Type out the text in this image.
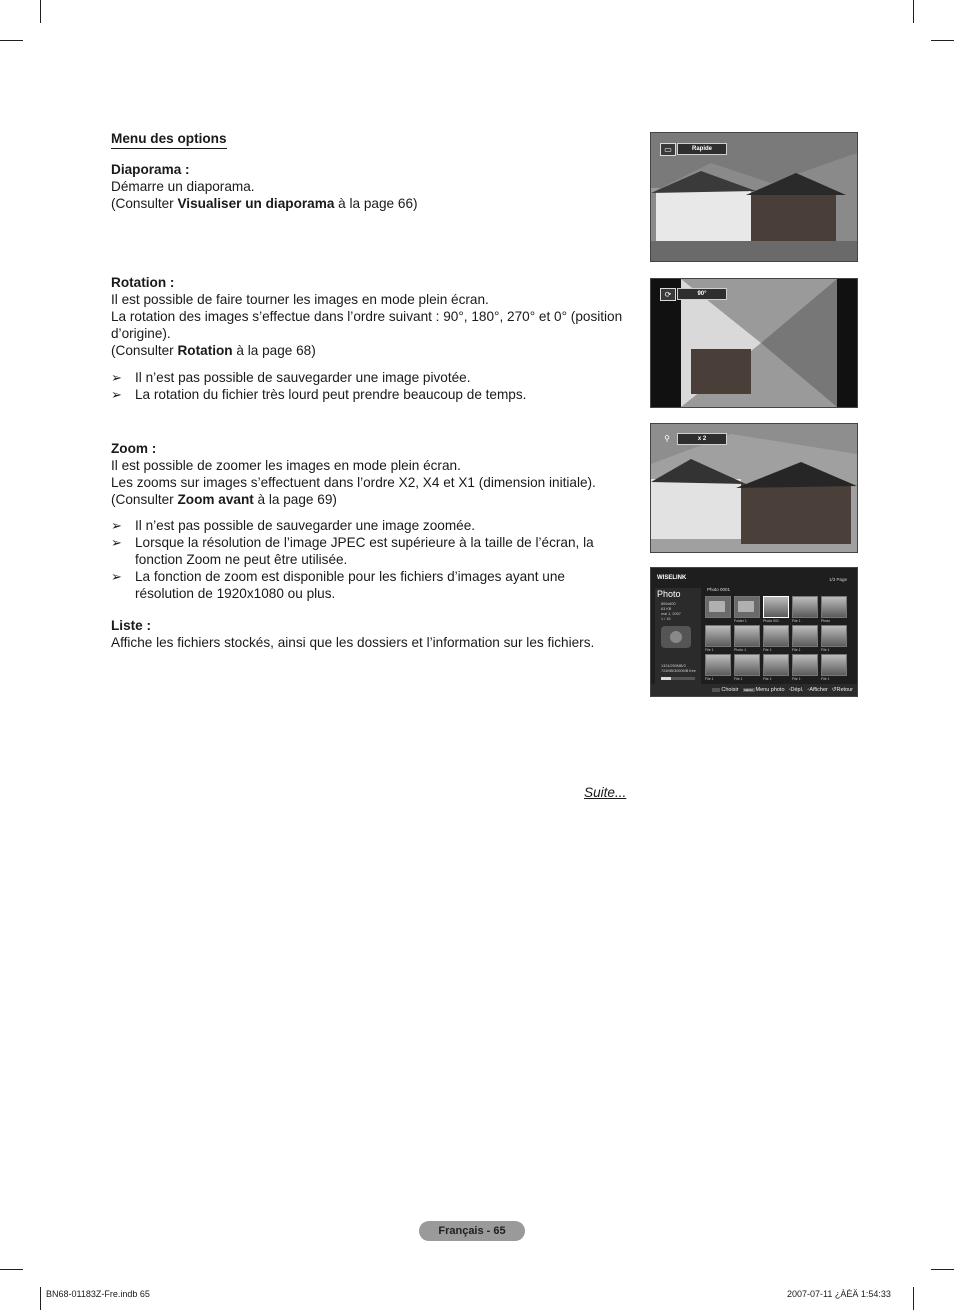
Menu des options

Diaporama :

Démarre un diaporama.

(Consulter Visualiser un diaporama à la page 66)

Rotation :

Il est possible de faire tourner les images en mode plein écran.

La rotation des images s’effectue dans l’ordre suivant : 90°, 180°, 270° et 0° (position d’origine).

(Consulter Rotation à la page 68)

➢ Il n’est pas possible de sauvegarder une image pivotée.

➢ La rotation du fichier très lourd peut prendre beaucoup de temps.

Zoom :

Il est possible de zoomer les images en mode plein écran.

Les zooms sur images s’effectuent dans l’ordre X2, X4 et X1 (dimension initiale).

(Consulter Zoom avant à la page 69)

➢ Il n’est pas possible de sauvegarder une image zoomée.

➢ Lorsque la résolution de l’image JPEC est supérieure à la taille de l’écran, la fonction Zoom ne peut être utilisée.

➢ La fonction de zoom est disponible pour les fichiers d’images ayant une résolution de 1920x1080 ou plus.

Liste :

Affiche les fichiers stockés, ainsi que les dossiers et l’information sur les fichiers.

Suite...
▭	Rapide
⟳	90°
⚲	x 2
WISELINK	1/3 Page
Photo
800x600
63 KB
mai 1, 2007
1 / 15
1324/250MB/3
724MB/3000MB free
Photo 0001
Folder 1	Photo 001	File 1	Photo
File 1	Photo 1	File 1	File 1	File 1
File 1	File 1	File 1	File 1	File 1
Choisir	MENU Menu photo ◦Dépl. ◦Afficher ↺Retour
Français - 65
BN68-01183Z-Fre.indb 65	2007-07-11 ¿ÀÈÄ 1:54:33
